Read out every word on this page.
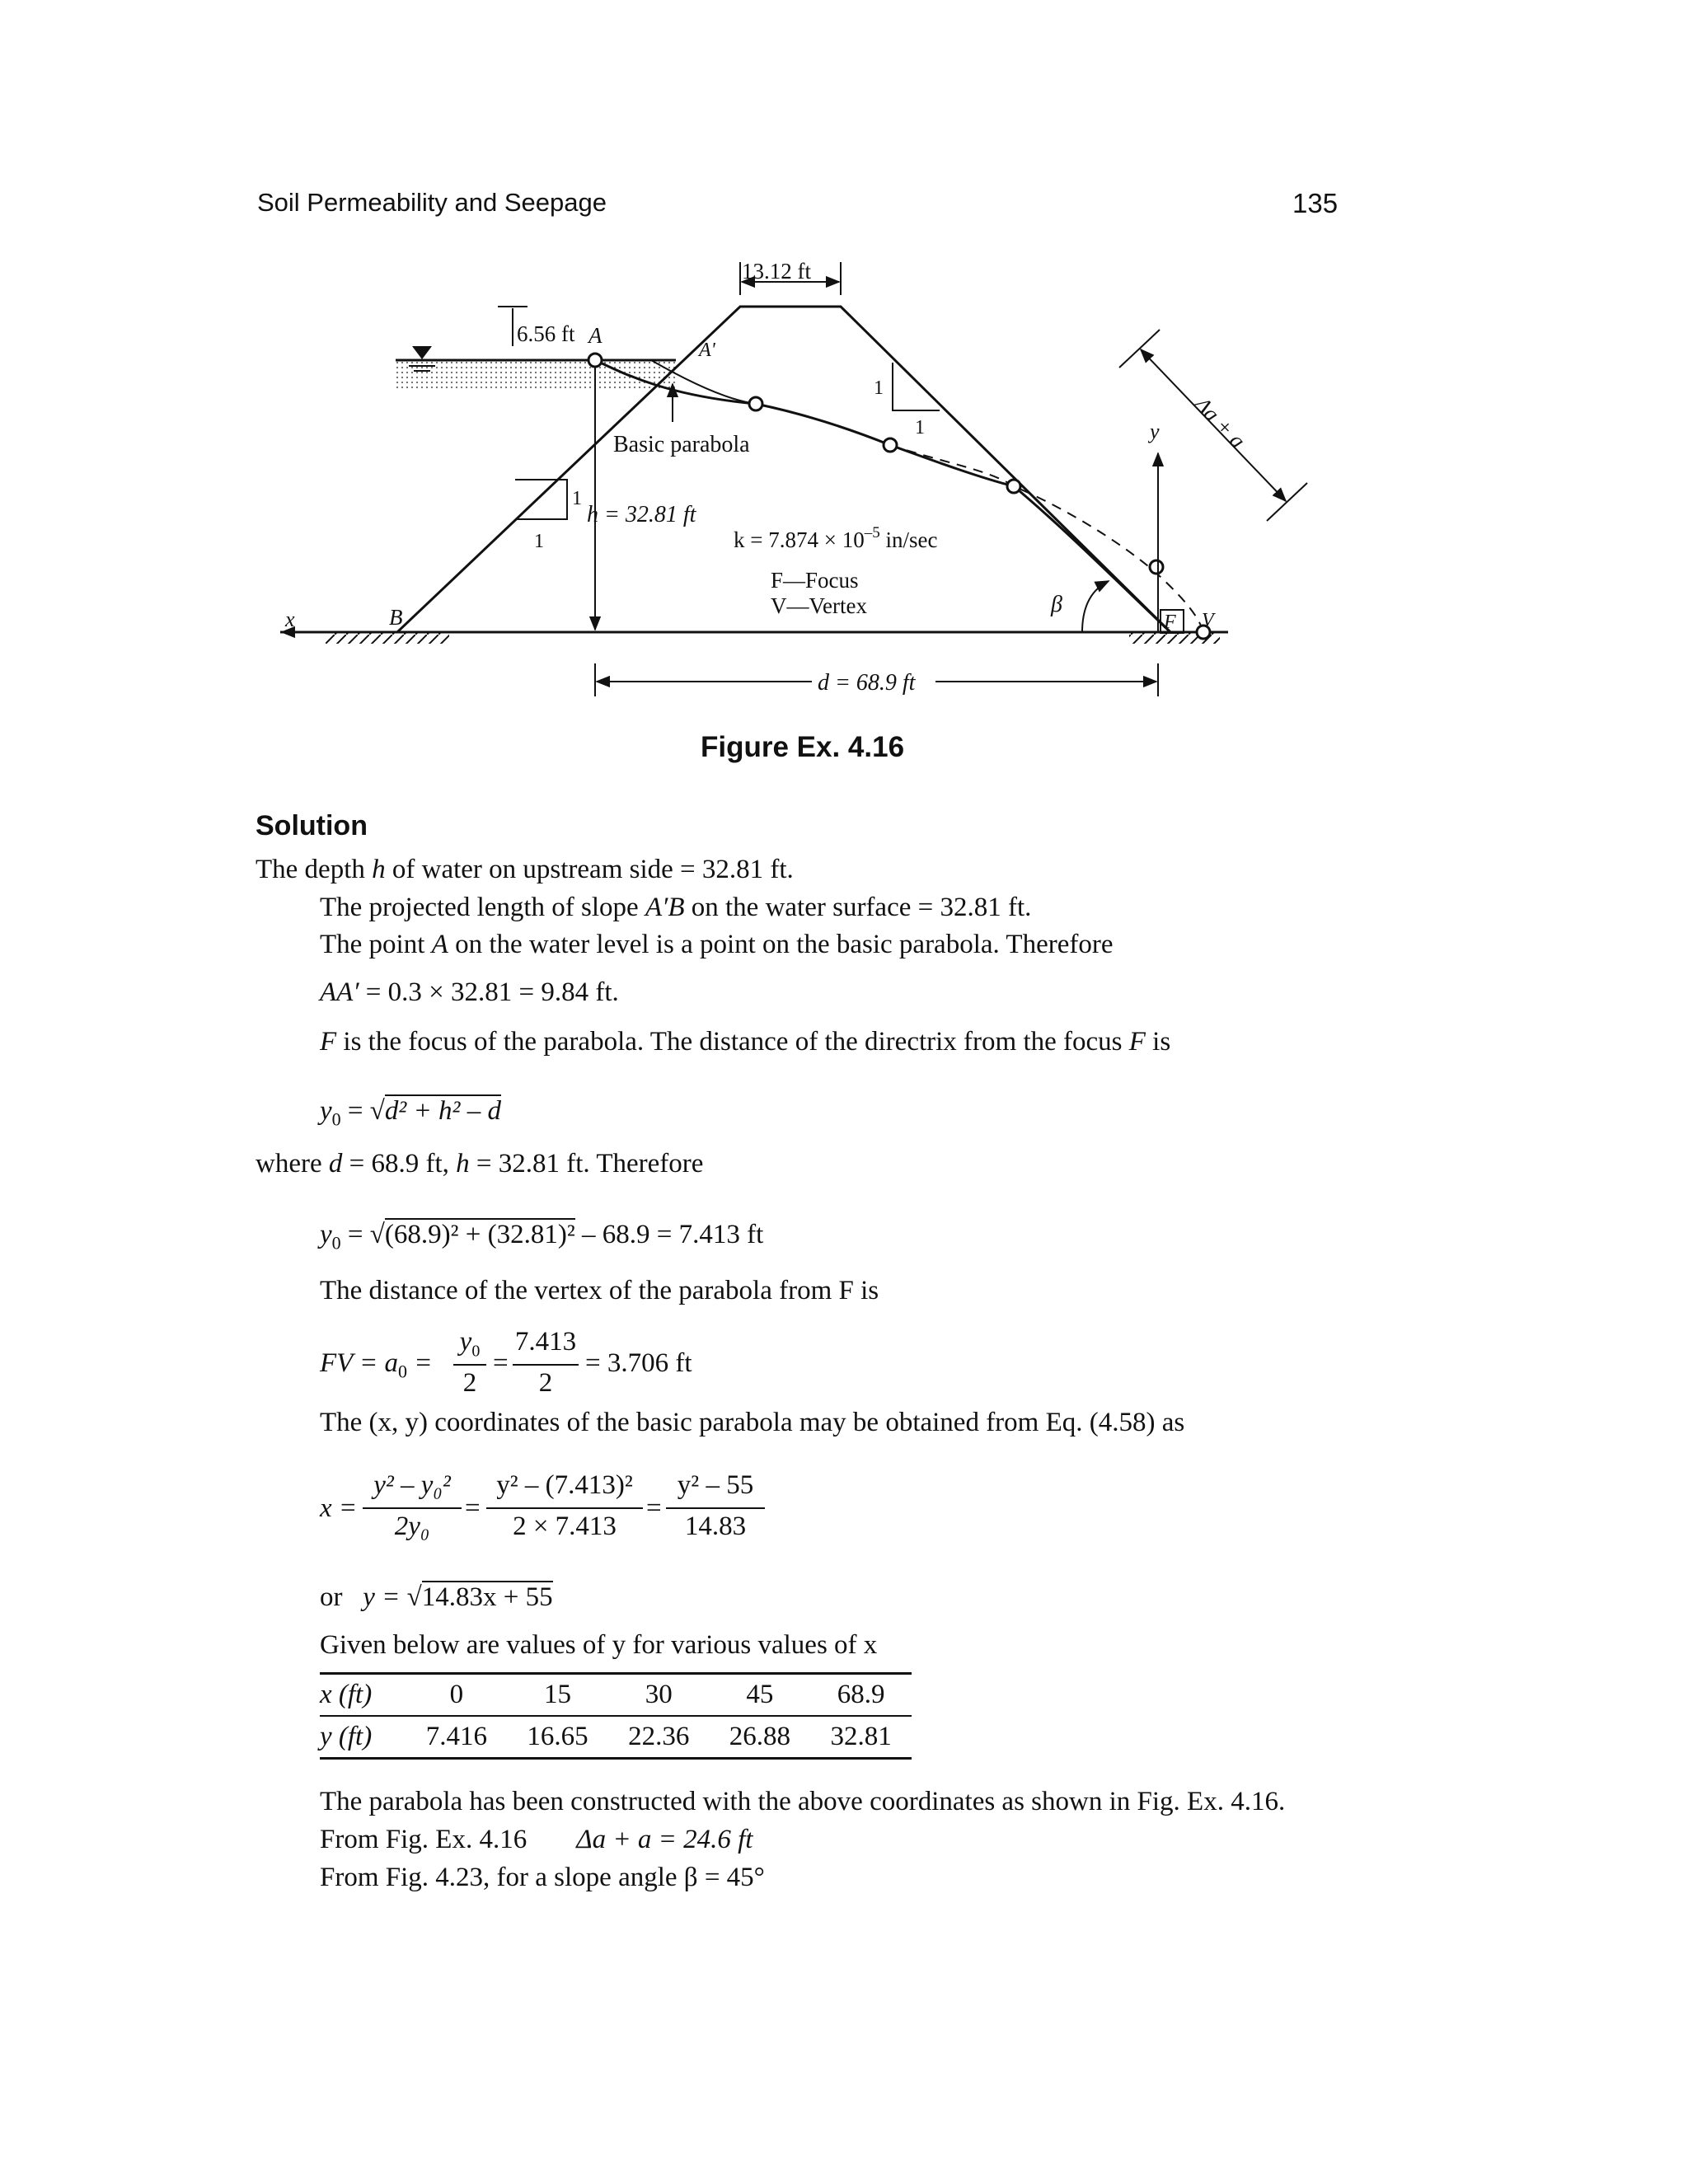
Soil Permeability and Seepage	135
13.12 ft
6.56 ft A
A'
Basic parabola
1
1
1
1
h = 32.81 ft
$k = 7.874 \times 10^{-5}$ in/sec
F—Focus
V—Vertex
x	B	β
y
F V
Δa + a
d = 68.9 ft
Figure Ex. 4.16
Solution
The depth h of water on upstream side = 32.81 ft.
The projected length of slope A′B on the water surface = 32.81 ft.
The point A on the water level is a point on the basic parabola. Therefore
AA′ = 0.3 × 32.81 = 9.84 ft.
F is the focus of the parabola. The distance of the directrix from the focus F is
$y_0 = √d^2 + h^2 - d$
where d = 68.9 ft, h = 32.81 ft. Therefore
$y_0 = √(68.9)^2 + (32.81)^2 - 68.9 = 7.413$ ft
The distance of the vertex of the parabola from F is
FV = $a_0$ =
$y_0$
2
=
7.413
2
= 3.706 ft
The (x, y) coordinates of the basic parabola may be obtained from Eq. (4.58) as
x =
y² – y₀²
2y₀
=
y² – (7.413)²
2 × 7.413
=
y² – 55
14.83
or y = √14.83x + 55
Given below are values of y for various values of x
x (ft)	0	15	30	45	68.9
y (ft)	7.416	16.65	22.36	26.88	32.81
The parabola has been constructed with the above coordinates as shown in Fig. Ex. 4.16.
From Fig. Ex. 4.16 Δa + a = 24.6 ft
From Fig. 4.23, for a slope angle β = 45°
